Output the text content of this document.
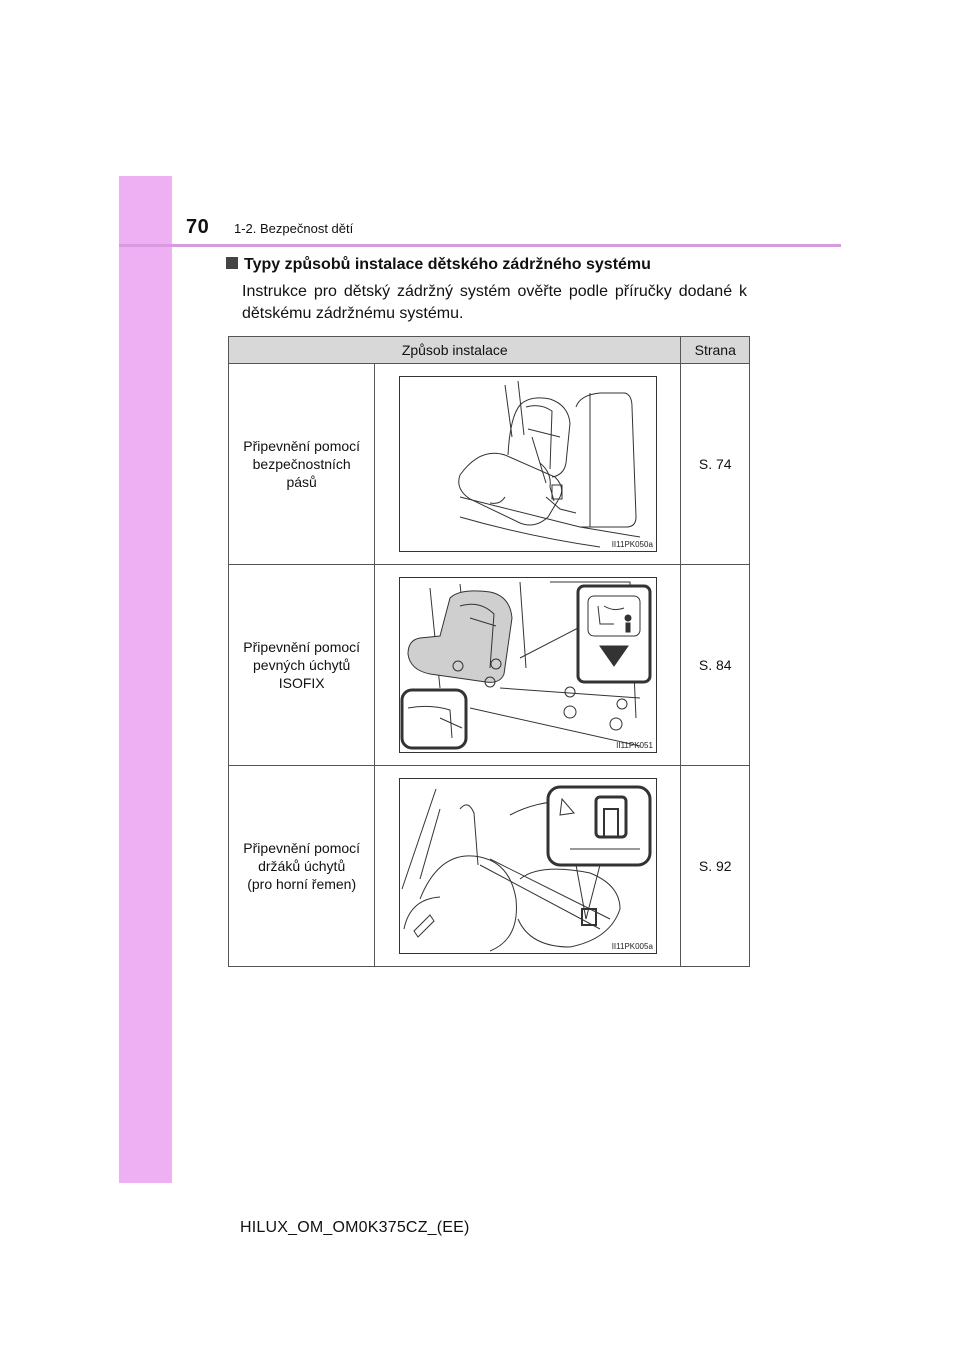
70 1-2. Bezpečnost dětí
Typy způsobů instalace dětského zádržného systému
Instrukce pro dětský zádržný systém ověřte podle příručky dodané k dětskému zádržnému systému.
Způsob instalace		Strana

Připevnění pomocí
bezpečnostních
pásů	II11PK050a	S. 74

Připevnění pomocí
pevných úchytů
ISOFIX	II11PK051	S. 84

Připevnění pomocí
držáků úchytů
(pro horní řemen)	II11PK005a	S. 92
HILUX_OM_OM0K375CZ_(EE)
